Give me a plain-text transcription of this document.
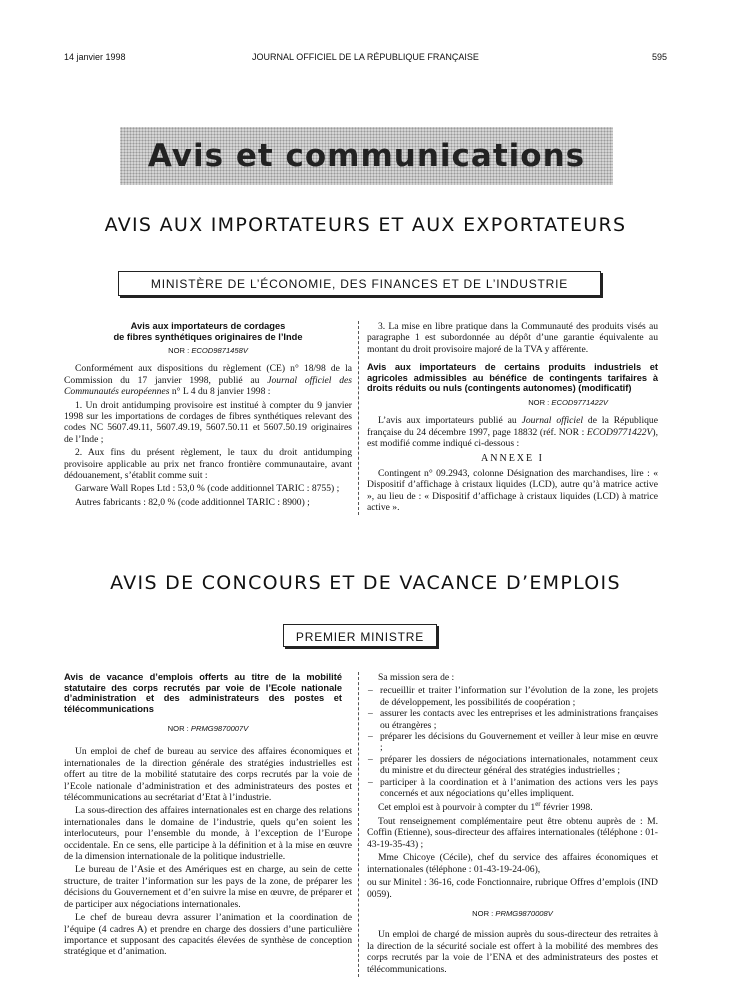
14 janvier 1998	JOURNAL OFFICIEL DE LA RÉPUBLIQUE FRANÇAISE	595
Avis et communications
AVIS AUX IMPORTATEURS ET AUX EXPORTATEURS
MINISTÈRE DE L’ÉCONOMIE, DES FINANCES ET DE L’INDUSTRIE
Avis aux importateurs de cordages
de fibres synthétiques originaires de l’Inde
NOR : ECOD9871458V

Conformément aux dispositions du règlement (CE) n° 18/98 de la Commission du 17 janvier 1998, publié au Journal officiel des Communautés européennes n° L 4 du 8 janvier 1998 :

1. Un droit antidumping provisoire est institué à compter du 9 janvier 1998 sur les importations de cordages de fibres synthétiques relevant des codes NC 5607.49.11, 5607.49.19, 5607.50.11 et 5607.50.19 originaires de l’Inde ;

2. Aux fins du présent règlement, le taux du droit antidumping provisoire applicable au prix net franco frontière communautaire, avant dédouanement, s’établit comme suit :

Garware Wall Ropes Ltd : 53,0 % (code additionnel TARIC : 8755) ;

Autres fabricants : 82,0 % (code additionnel TARIC : 8900) ;

3. La mise en libre pratique dans la Communauté des produits visés au paragraphe 1 est subordonnée au dépôt d’une garantie équivalente au montant du droit provisoire majoré de la TVA y afférente.

Avis aux importateurs de certains produits industriels et agricoles admissibles au bénéfice de contingents tarifaires à droits réduits ou nuls (contingents autonomes) (modificatif)
NOR : ECOD9771422V

L’avis aux importateurs publié au Journal officiel de la République française du 24 décembre 1997, page 18832 (réf. NOR : ECOD9771422V), est modifié comme indiqué ci-dessous :

ANNEXE I

Contingent n° 09.2943, colonne Désignation des marchandises, lire : « Dispositif d’affichage à cristaux liquides (LCD), autre qu’à matrice active », au lieu de : « Dispositif d’affichage à cristaux liquides (LCD) à matrice active ».

AVIS DE CONCOURS ET DE VACANCE D’EMPLOIS
PREMIER MINISTRE
Avis de vacance d’emplois offerts au titre de la mobilité statutaire des corps recrutés par voie de l’Ecole nationale d’administration et des administrateurs des postes et télécommunications
NOR : PRMG9870007V

Un emploi de chef de bureau au service des affaires économiques et internationales de la direction générale des stratégies industrielles est offert au titre de la mobilité statutaire des corps recrutés par la voie de l’Ecole nationale d’administration et des administrateurs des postes et télécommunications au secrétariat d’Etat à l’industrie.

La sous-direction des affaires internationales est en charge des relations internationales dans le domaine de l’industrie, quels qu’en soient les interlocuteurs, pour l’ensemble du monde, à l’exception de l’Europe occidentale. En ce sens, elle participe à la définition et à la mise en œuvre de la dimension internationale de la politique industrielle.

Le bureau de l’Asie et des Amériques est en charge, au sein de cette structure, de traiter l’information sur les pays de la zone, de préparer les décisions du Gouvernement et d’en suivre la mise en œuvre, de préparer et de participer aux négociations internationales.

Le chef de bureau devra assurer l’animation et la coordination de l’équipe (4 cadres A) et prendre en charge des dossiers d’une particulière importance et supposant des capacités élevées de synthèse de conception stratégique et d’animation.

Sa mission sera de :

– recueillir et traiter l’information sur l’évolution de la zone, les projets de développement, les possibilités de coopération ;
– assurer les contacts avec les entreprises et les administrations françaises ou étrangères ;
– préparer les décisions du Gouvernement et veiller à leur mise en œuvre ;
– préparer les dossiers de négociations internationales, notamment ceux du ministre et du directeur général des stratégies industrielles ;
– participer à la coordination et à l’animation des actions vers les pays concernés et aux négociations qu’elles impliquent.

Cet emploi est à pourvoir à compter du 1er février 1998.

Tout renseignement complémentaire peut être obtenu auprès de : M. Coffin (Etienne), sous-directeur des affaires internationales (téléphone : 01-43-19-35-43) ;

Mme Chicoye (Cécile), chef du service des affaires économiques et internationales (téléphone : 01-43-19-24-06),

ou sur Minitel : 36-16, code Fonctionnaire, rubrique Offres d’emplois (IND 0059).

NOR : PRMG9870008V

Un emploi de chargé de mission auprès du sous-directeur des retraites à la direction de la sécurité sociale est offert à la mobilité des membres des corps recrutés par la voie de l’ENA et des administrateurs des postes et télécommunications.
